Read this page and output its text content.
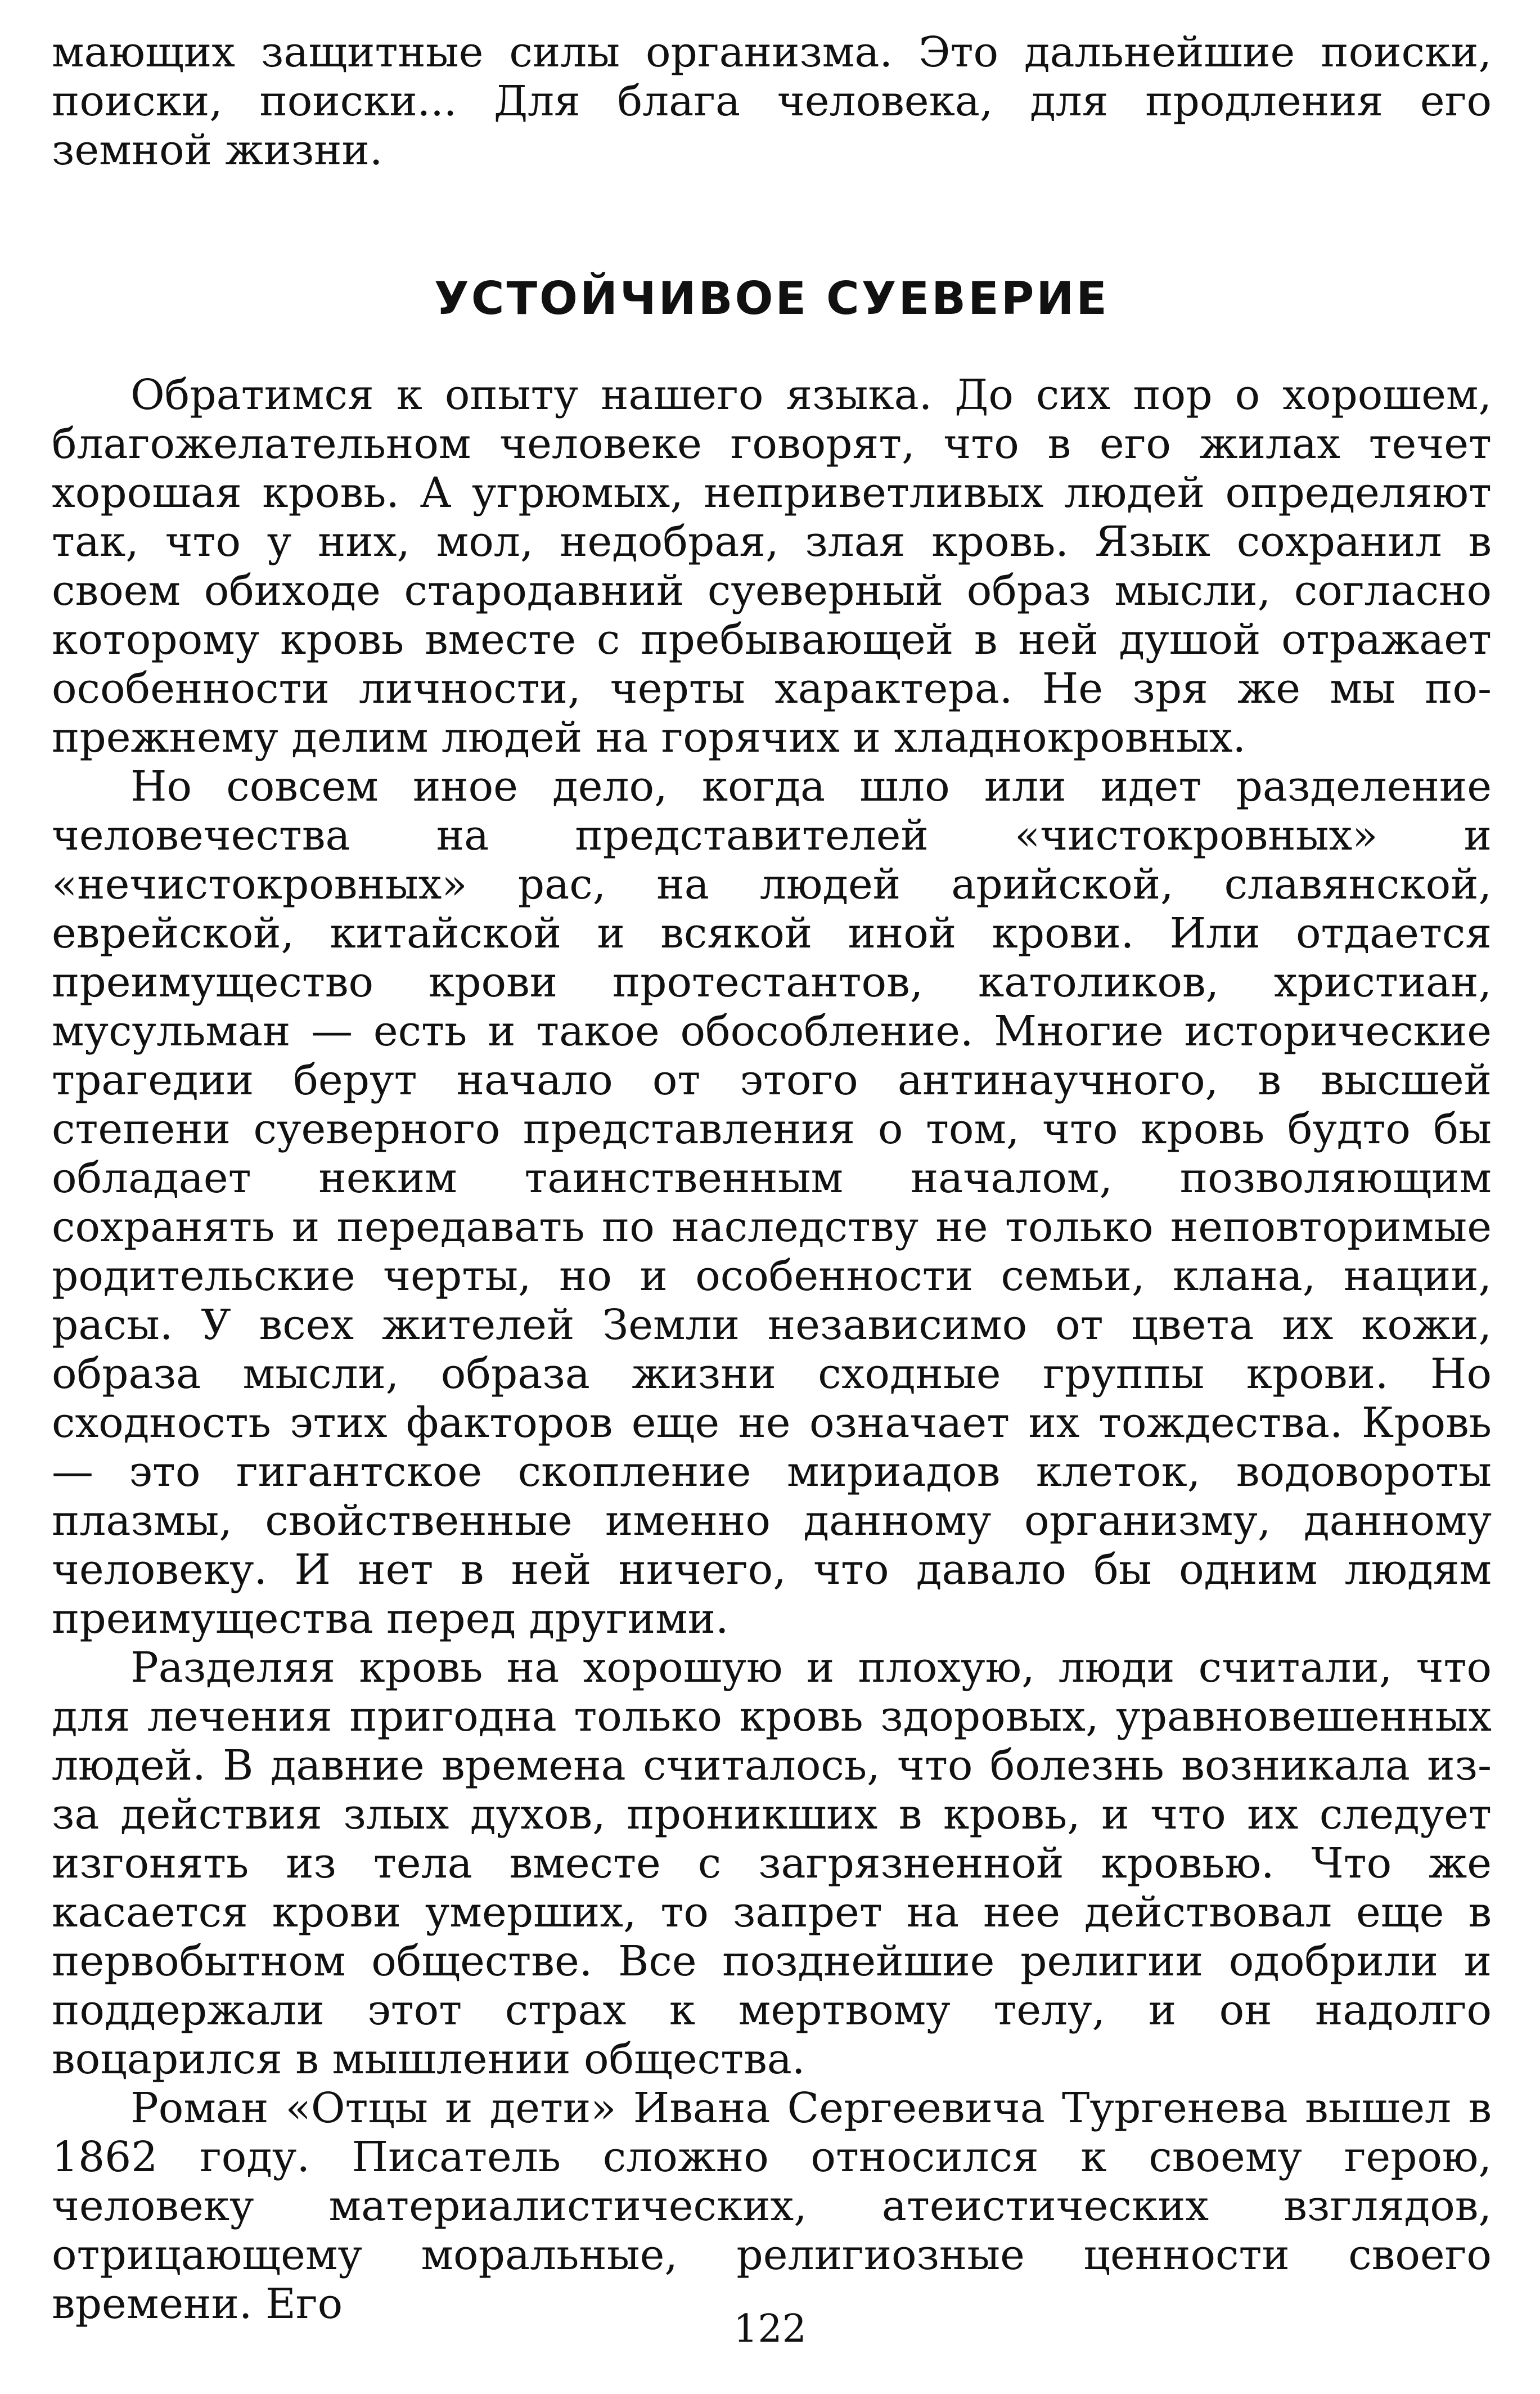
мающих защитные силы организма. Это дальнейшие поиски, поиски, поиски... Для блага человека, для продления его земной жизни.

УСТОЙЧИВОЕ СУЕВЕРИЕ

Обратимся к опыту нашего языка. До сих пор о хорошем, благожелательном человеке говорят, что в его жилах течет хорошая кровь. А угрюмых, неприветливых людей определяют так, что у них, мол, недобрая, злая кровь. Язык сохранил в своем обиходе стародавний суеверный образ мысли, согласно которому кровь вместе с пребывающей в ней душой отражает особенности личности, черты характера. Не зря же мы по-прежнему делим людей на горячих и хладнокровных.

Но совсем иное дело, когда шло или идет разделение человечества на представителей «чистокровных» и «нечистокровных» рас, на людей арийской, славянской, еврейской, китайской и всякой иной крови. Или отдается преимущество крови протестантов, католиков, христиан, мусульман — есть и такое обособление. Многие исторические трагедии берут начало от этого антинаучного, в высшей степени суеверного представления о том, что кровь будто бы обладает неким таинственным началом, позволяющим сохранять и передавать по наследству не только неповторимые родительские черты, но и особенности семьи, клана, нации, расы. У всех жителей Земли независимо от цвета их кожи, образа мысли, образа жизни сходные группы крови. Но сходность этих факторов еще не означает их тождества. Кровь — это гигантское скопление мириадов клеток, водовороты плазмы, свойственные именно данному организму, данному человеку. И нет в ней ничего, что давало бы одним людям преимущества перед другими.

Разделяя кровь на хорошую и плохую, люди считали, что для лечения пригодна только кровь здоровых, уравновешенных людей. В давние времена считалось, что болезнь возникала из-за действия злых духов, проникших в кровь, и что их следует изгонять из тела вместе с загрязненной кровью. Что же касается крови умерших, то запрет на нее действовал еще в первобытном обществе. Все позднейшие религии одобрили и поддержали этот страх к мертвому телу, и он надолго воцарился в мышлении общества.

Роман «Отцы и дети» Ивана Сергеевича Тургенева вышел в 1862 году. Писатель сложно относился к своему герою, человеку материалистических, атеистических взглядов, отрицающему моральные, религиозные ценности своего времени. Его

122
